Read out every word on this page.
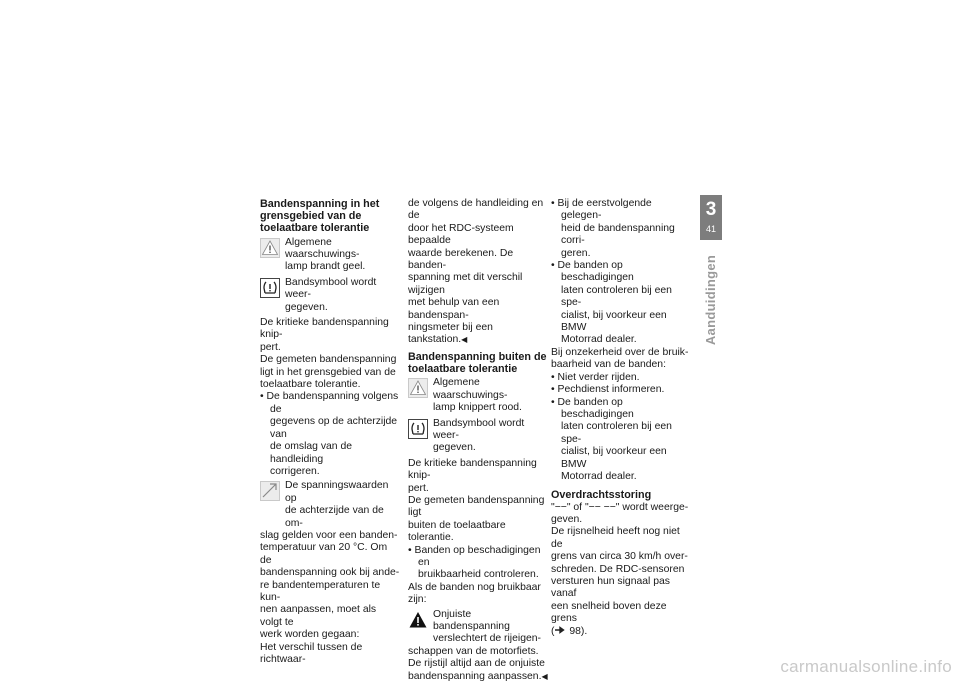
Bandenspanning in het
grensgebied van de
toelaatbare tolerantie
Algemene waarschuwings-
lamp brandt geel.
Bandsymbool wordt weer-
gegeven.

De kritieke bandenspanning knip-
pert.

De gemeten bandenspanning
ligt in het grensgebied van de
toelaatbare tolerantie.

• De bandenspanning volgens de
gegevens op de achterzijde van
de omslag van de handleiding
corrigeren.
De spanningswaarden op
de achterzijde van de om-

slag gelden voor een banden-
temperatuur van 20 °C. Om de
bandenspanning ook bij ande-
re bandentemperaturen te kun-
nen aanpassen, moet als volgt te
werk worden gegaan:
Het verschil tussen de richtwaar-

de volgens de handleiding en de
door het RDC-systeem bepaalde
waarde berekenen. De banden-
spanning met dit verschil wijzigen
met behulp van een bandenspan-
ningsmeter bij een tankstation.◀

Bandenspanning buiten de
toelaatbare tolerantie
Algemene waarschuwings-
lamp knippert rood.
Bandsymbool wordt weer-
gegeven.

De kritieke bandenspanning knip-
pert.

De gemeten bandenspanning ligt
buiten de toelaatbare tolerantie.

• Banden op beschadigingen en
bruikbaarheid controleren.

Als de banden nog bruikbaar zijn:

Onjuiste bandenspanning
verslechtert de rijeigen-

schappen van de motorfiets.
De rijstijl altijd aan de onjuiste
bandenspanning aanpassen.◀

• Bij de eerstvolgende gelegen-
heid de bandenspanning corri-
geren.
• De banden op beschadigingen
laten controleren bij een spe-
cialist, bij voorkeur een BMW
Motorrad dealer.

Bij onzekerheid over de bruik-
baarheid van de banden:

• Niet verder rijden.
• Pechdienst informeren.
• De banden op beschadigingen
laten controleren bij een spe-
cialist, bij voorkeur een BMW
Motorrad dealer.
Overdrachtsstoring

"−−" of "−− −−" wordt weerge-
geven.

De rijsnelheid heeft nog niet de
grens van circa 30 km/h over-
schreden. De RDC-sensoren
versturen hun signaal pas vanaf
een snelheid boven deze grens
( 98).

3
41
Aanduidingen
carmanualsonline.info
